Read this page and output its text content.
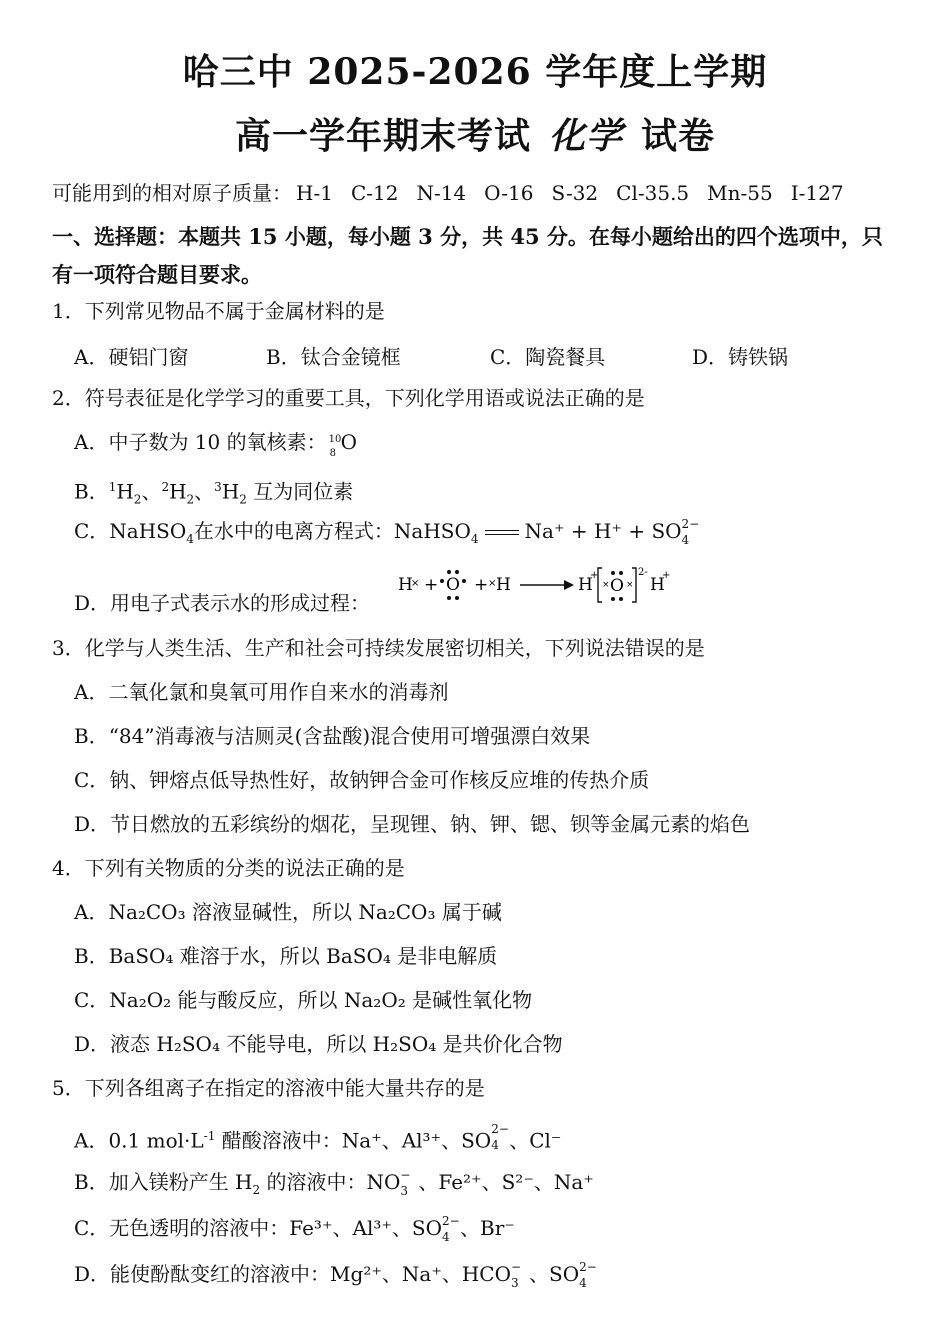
哈三中 2025-2026 学年度上学期
高一学年期末考试 化学 试卷
可能用到的相对原子质量： H-1 C-12 N-14 O-16 S-32 Cl-35.5 Mn-55 I-127
一、选择题：本题共 15 小题，每小题 3 分，共 45 分。在每小题给出的四个选项中，只
有一项符合题目要求。
1．下列常见物品不属于金属材料的是
A．硬铝门窗	B．钛合金镜框	C．陶瓷餐具	D．铸铁锅
2．符号表征是化学学习的重要工具，下列化学用语或说法正确的是
A．中子数为 10 的氧核素： 10
8 O
B．$^1H_2$、$^2H_2$、$^3H_2$ 互为同位素
C．NaHSO$_4$在水中的电离方程式：NaHSO$_4$ Na⁺ + H⁺ + SO 2−
4
D．用电子式表示水的形成过程：
H
× + O + × H	H
+
O
× ×
2-
H
+
3．化学与人类生活、生产和社会可持续发展密切相关，下列说法错误的是
A．二氧化氯和臭氧可用作自来水的消毒剂
B．“84”消毒液与洁厕灵(含盐酸)混合使用可增强漂白效果
C．钠、钾熔点低导热性好，故钠钾合金可作核反应堆的传热介质
D．节日燃放的五彩缤纷的烟花，呈现锂、钠、钾、锶、钡等金属元素的焰色
4．下列有关物质的分类的说法正确的是
A．Na₂CO₃ 溶液显碱性，所以 Na₂CO₃ 属于碱
B．BaSO₄ 难溶于水，所以 BaSO₄ 是非电解质
C．Na₂O₂ 能与酸反应，所以 Na₂O₂ 是碱性氧化物
D．液态 H₂SO₄ 不能导电，所以 H₂SO₄ 是共价化合物
5．下列各组离子在指定的溶液中能大量共存的是
A．0.1 $mol\cdot L^{-1}$ 醋酸溶液中：Na⁺、Al³⁺、SO 2−
4 、Cl⁻
B．加入镁粉产生 $H_2$ 的溶液中：NO −
3 、Fe²⁺、S²⁻、Na⁺
C．无色透明的溶液中：Fe³⁺、Al³⁺、SO 2−
4 、Br⁻
D．能使酚酞变红的溶液中：Mg²⁺、Na⁺、HCO −
3 、SO 2−
4
